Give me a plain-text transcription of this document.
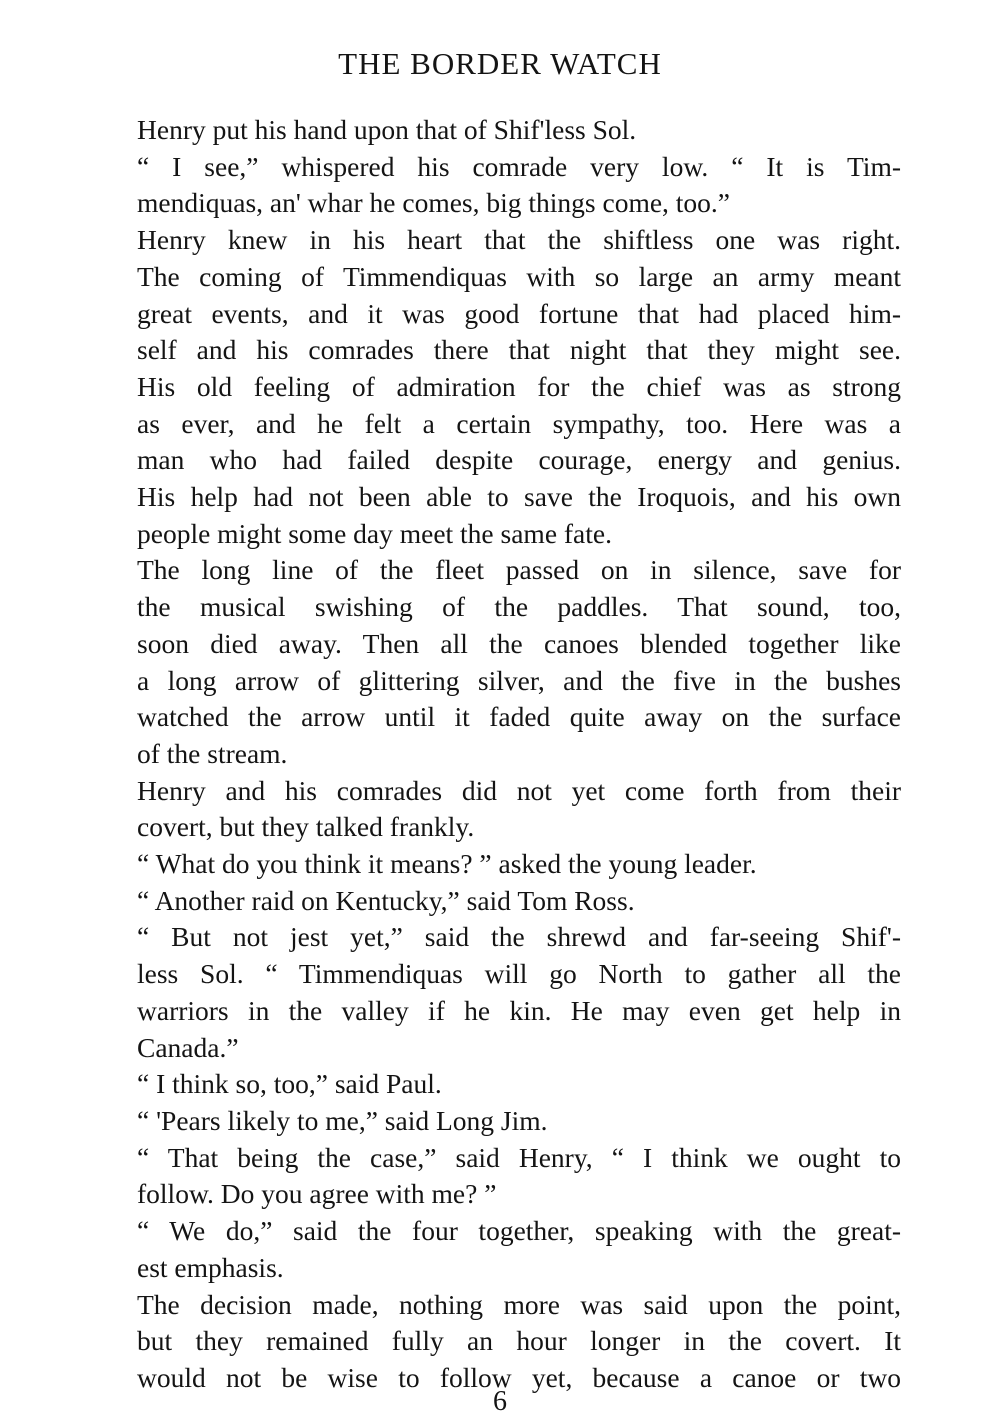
THE BORDER WATCH

Henry put his hand upon that of Shif'less Sol.

“ I see,” whispered his comrade very low. “ It is Tim-
mendiquas, an' whar he comes, big things come, too.”

Henry knew in his heart that the shiftless one was right.
The coming of Timmendiquas with so large an army meant
great events, and it was good fortune that had placed him-
self and his comrades there that night that they might see.
His old feeling of admiration for the chief was as strong
as ever, and he felt a certain sympathy, too. Here was a
man who had failed despite courage, energy and genius.
His help had not been able to save the Iroquois, and his own
people might some day meet the same fate.

The long line of the fleet passed on in silence, save for
the musical swishing of the paddles. That sound, too,
soon died away. Then all the canoes blended together like
a long arrow of glittering silver, and the five in the bushes
watched the arrow until it faded quite away on the surface
of the stream.

Henry and his comrades did not yet come forth from their
covert, but they talked frankly.

“ What do you think it means? ” asked the young leader.

“ Another raid on Kentucky,” said Tom Ross.

“ But not jest yet,” said the shrewd and far-seeing Shif'-
less Sol. “ Timmendiquas will go North to gather all the
warriors in the valley if he kin. He may even get help in
Canada.”

“ I think so, too,” said Paul.

“ 'Pears likely to me,” said Long Jim.

“ That being the case,” said Henry, “ I think we ought to
follow. Do you agree with me? ”

“ We do,” said the four together, speaking with the great-
est emphasis.

The decision made, nothing more was said upon the point,
but they remained fully an hour longer in the covert. It
would not be wise to follow yet, because a canoe or two

6
